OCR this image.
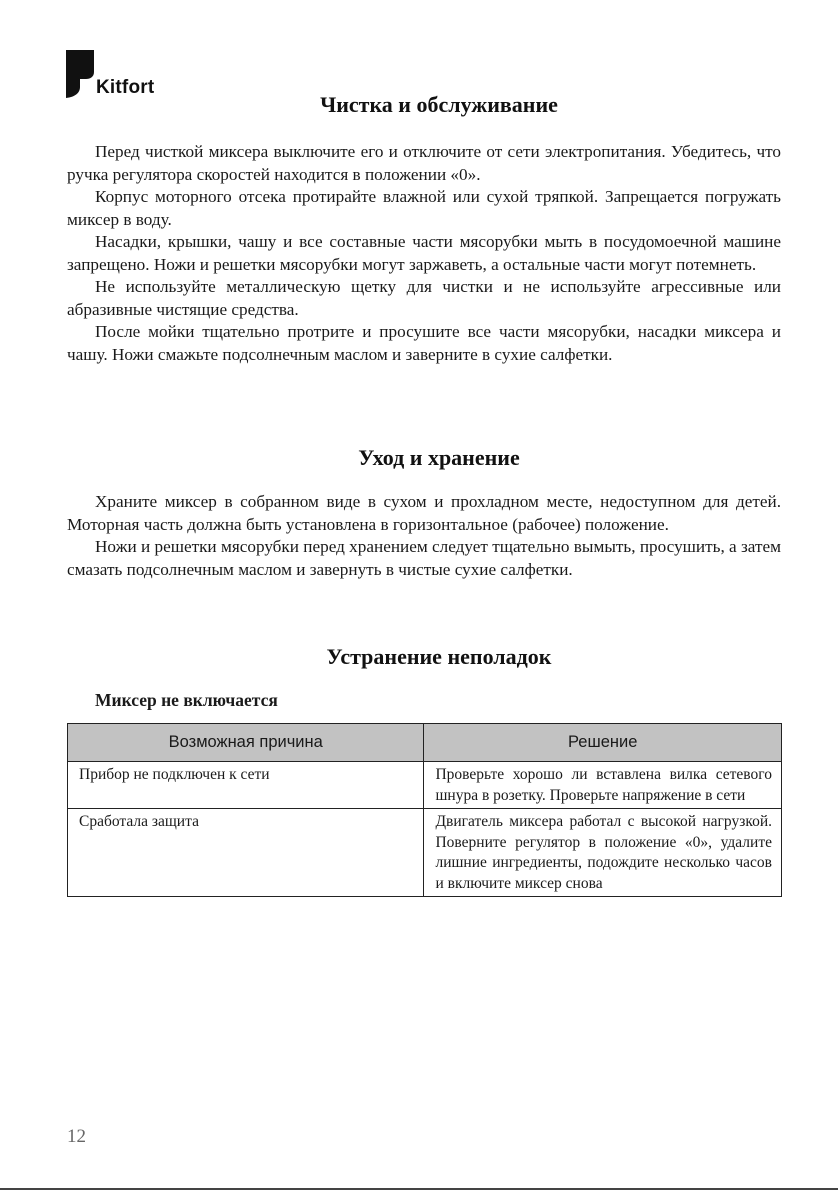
Kitfort
Чистка и обслуживание

Перед чисткой миксера выключите его и отключите от сети электропитания. Убедитесь, что ручка регулятора скоростей находится в положении «0».

Корпус моторного отсека протирайте влажной или сухой тряпкой. Запрещается погружать миксер в воду.

Насадки, крышки, чашу и все составные части мясорубки мыть в посудомоечной машине запрещено. Ножи и решетки мясорубки могут заржаветь, а остальные части могут потемнеть.

Не используйте металлическую щетку для чистки и не используйте агрессивные или абразивные чистящие средства.

После мойки тщательно протрите и просушите все части мясорубки, насадки миксера и чашу. Ножи смажьте подсолнечным маслом и заверните в сухие салфетки.

Уход и хранение

Храните миксер в собранном виде в сухом и прохладном месте, недоступном для детей. Моторная часть должна быть установлена в горизонтальное (рабочее) положение.

Ножи и решетки мясорубки перед хранением следует тщательно вымыть, просушить, а затем смазать подсолнечным маслом и завернуть в чистые сухие салфетки.

Устранение неполадок
Миксер не включается
Возможная причина	Решение
Прибор не подключен к сети	Проверьте хорошо ли вставлена вилка сетевого шнура в розетку. Проверьте напряжение в сети
Сработала защита	Двигатель миксера работал с высокой нагрузкой. Поверните регулятор в положение «0», удалите лишние ингредиенты, подождите несколько часов и включите миксер снова
12
